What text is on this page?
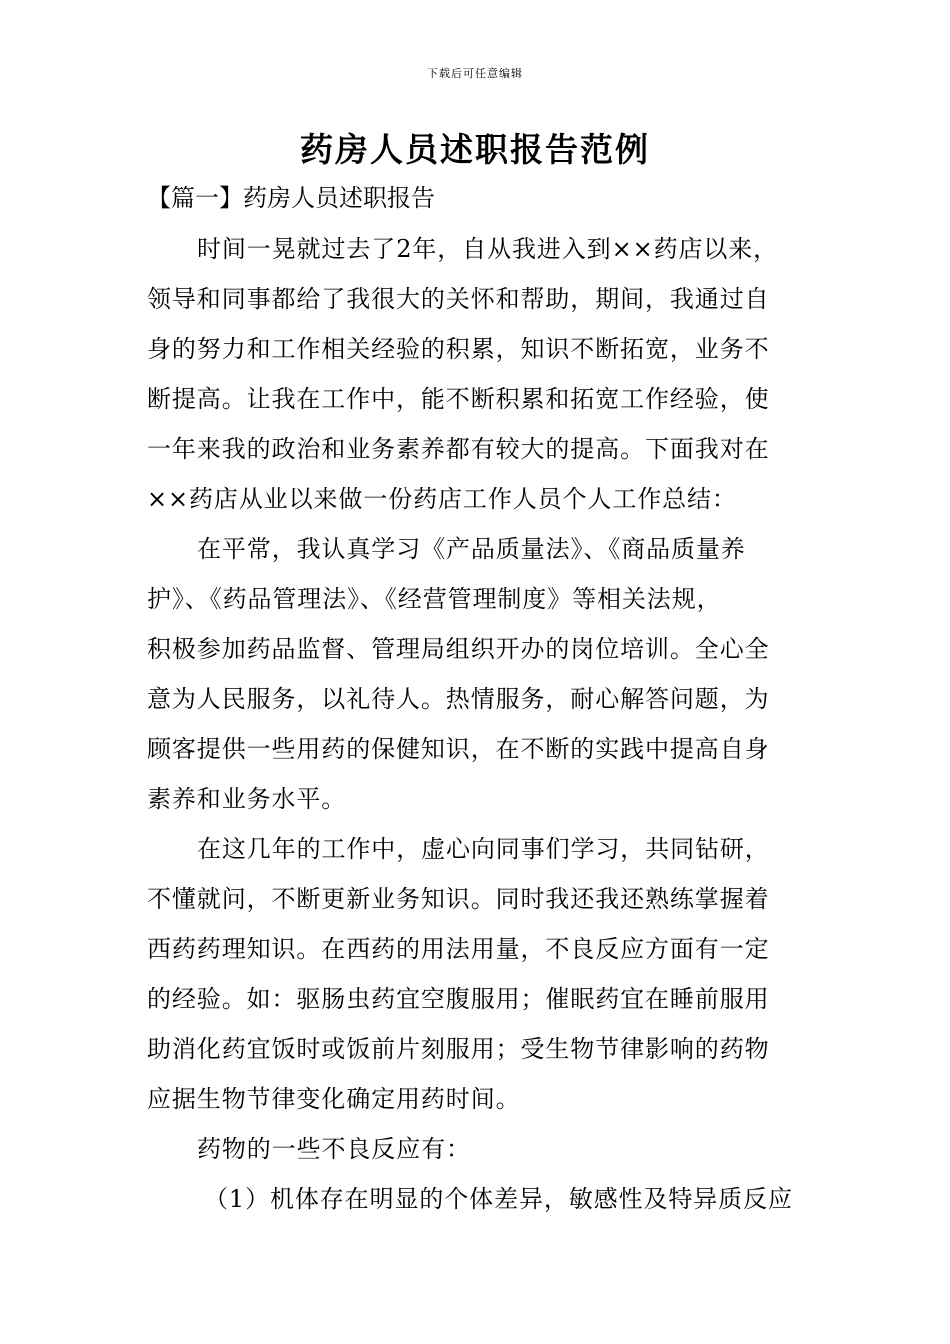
下载后可任意编辑
药房人员述职报告范例
【篇一】药房人员述职报告

时间一晃就过去了2年，自从我进入到××药店以来，
领导和同事都给了我很大的关怀和帮助，期间，我通过自
身的努力和工作相关经验的积累，知识不断拓宽，业务不
断提高。让我在工作中，能不断积累和拓宽工作经验，使
一年来我的政治和业务素养都有较大的提高。下面我对在
××药店从业以来做一份药店工作人员个人工作总结：

在平常，我认真学习《产品质量法》、《商品质量养
护》、《药品管理法》、《经营管理制度》等相关法规，
积极参加药品监督、管理局组织开办的岗位培训。全心全
意为人民服务，以礼待人。热情服务，耐心解答问题，为
顾客提供一些用药的保健知识，在不断的实践中提高自身
素养和业务水平。

在这几年的工作中，虚心向同事们学习，共同钻研，
不懂就问，不断更新业务知识。同时我还我还熟练掌握着
西药药理知识。在西药的用法用量，不良反应方面有一定
的经验。如：驱肠虫药宜空腹服用；催眠药宜在睡前服用
助消化药宜饭时或饭前片刻服用；受生物节律影响的药物
应据生物节律变化确定用药时间。

药物的一些不良反应有：

（1）机体存在明显的个体差异，敏感性及特异质反应
